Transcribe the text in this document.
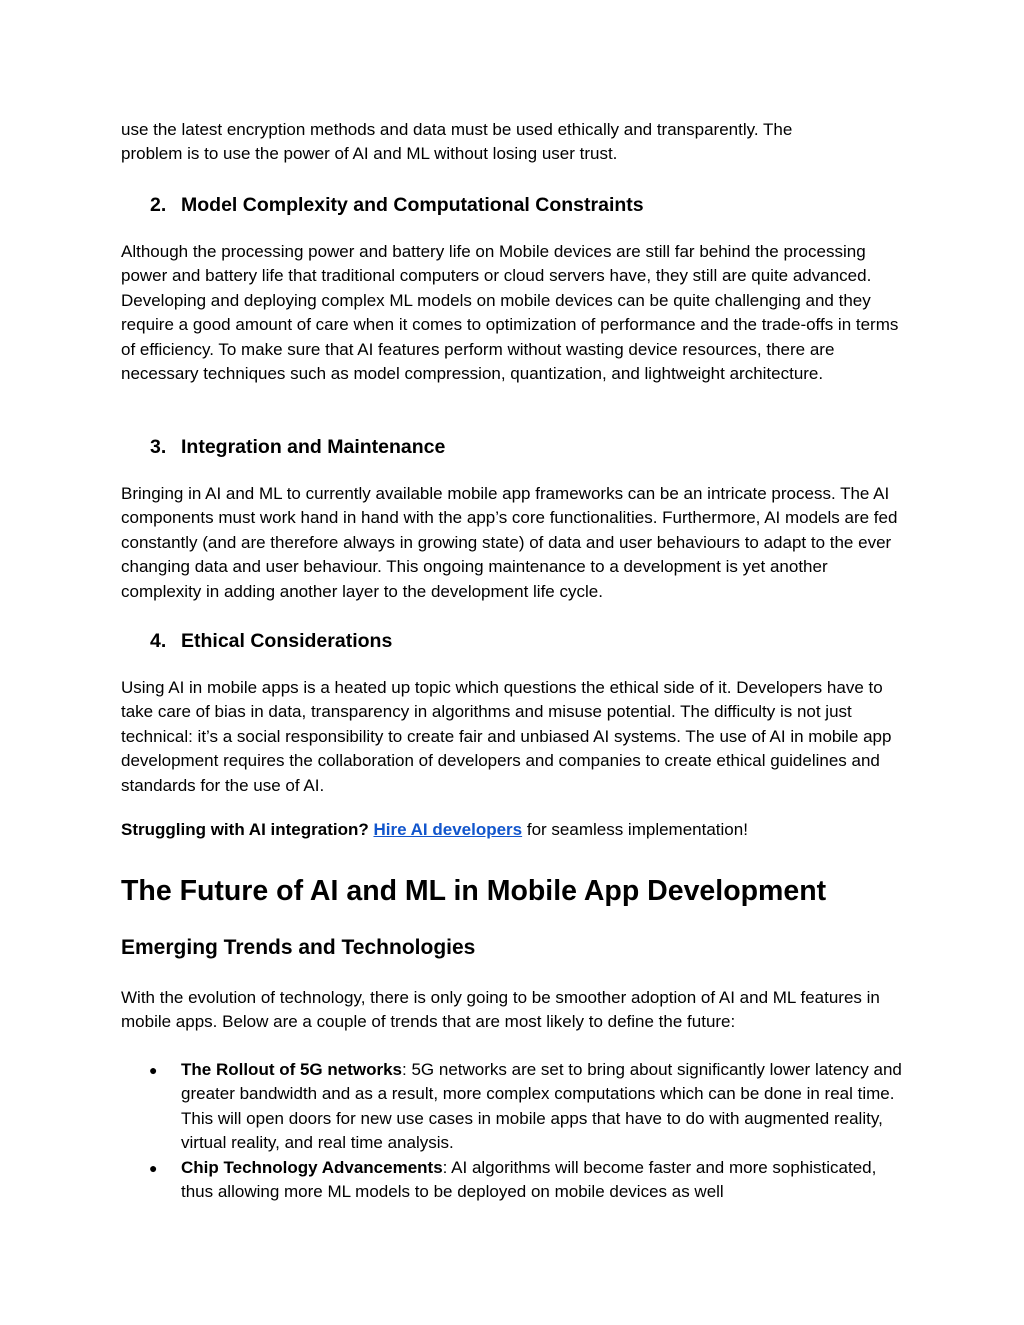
use the latest encryption methods and data must be used ethically and transparently. The
problem is to use the power of AI and ML without losing user trust.

2. Model Complexity and Computational Constraints

Although the processing power and battery life on Mobile devices are still far behind the processing power and battery life that traditional computers or cloud servers have, they still are quite advanced. Developing and deploying complex ML models on mobile devices can be quite challenging and they require a good amount of care when it comes to optimization of performance and the trade-offs in terms of efficiency. To make sure that AI features perform without wasting device resources, there are necessary techniques such as model compression, quantization, and lightweight architecture.

3. Integration and Maintenance

Bringing in AI and ML to currently available mobile app frameworks can be an intricate process. The AI components must work hand in hand with the app’s core functionalities. Furthermore, AI models are fed constantly (and are therefore always in growing state) of data and user behaviours to adapt to the ever changing data and user behaviour. This ongoing maintenance to a development is yet another complexity in adding another layer to the development life cycle.

4. Ethical Considerations

Using AI in mobile apps is a heated up topic which questions the ethical side of it. Developers have to take care of bias in data, transparency in algorithms and misuse potential. The difficulty is not just technical: it’s a social responsibility to create fair and unbiased AI systems. The use of AI in mobile app development requires the collaboration of developers and companies to create ethical guidelines and standards for the use of AI.

Struggling with AI integration? Hire AI developers for seamless implementation!

The Future of AI and ML in Mobile App Development
Emerging Trends and Technologies

With the evolution of technology, there is only going to be smoother adoption of AI and ML features in mobile apps. Below are a couple of trends that are most likely to define the future:

● The Rollout of 5G networks: 5G networks are set to bring about significantly lower latency and greater bandwidth and as a result, more complex computations which can be done in real time. This will open doors for new use cases in mobile apps that have to do with augmented reality, virtual reality, and real time analysis.
● Chip Technology Advancements: AI algorithms will become faster and more sophisticated, thus allowing more ML models to be deployed on mobile devices as well
